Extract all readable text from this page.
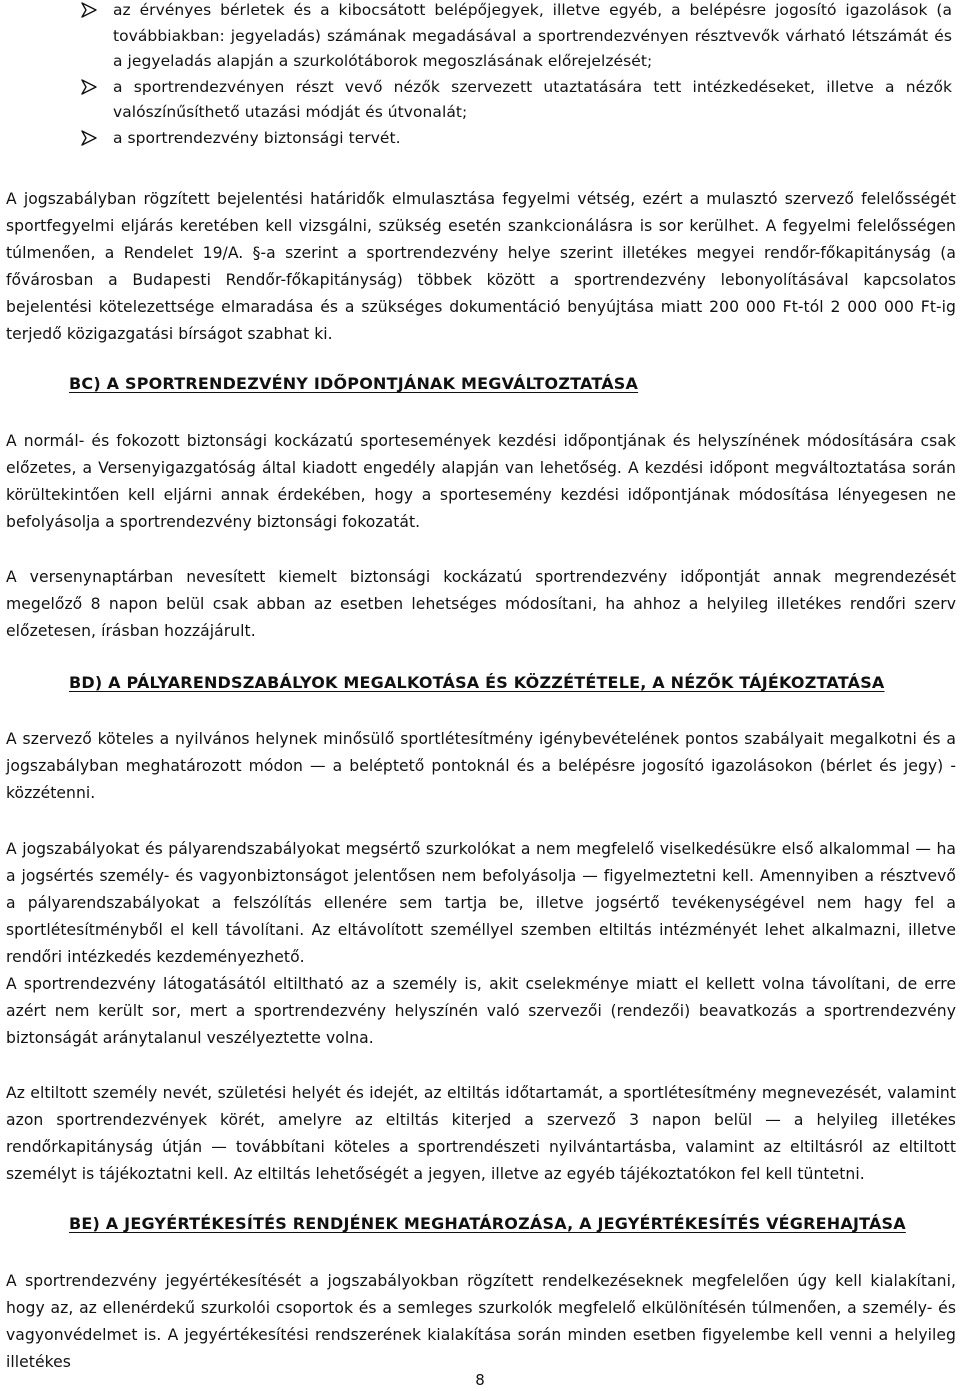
az érvényes bérletek és a kibocsátott belépőjegyek, illetve egyéb, a belépésre jogosító igazolások (a továbbiakban: jegyeladás) számának megadásával a sportrendezvényen résztvevők várható létszámát és a jegyeladás alapján a szurkolótáborok megoszlásának előrejelzését;
a sportrendezvényen részt vevő nézők szervezett utaztatására tett intézkedéseket, illetve a nézők valószínűsíthető utazási módját és útvonalát;
a sportrendezvény biztonsági tervét.

A jogszabályban rögzített bejelentési határidők elmulasztása fegyelmi vétség, ezért a mulasztó szervező felelősségét sportfegyelmi eljárás keretében kell vizsgálni, szükség esetén szankcionálásra is sor kerülhet. A fegyelmi felelősségen túlmenően, a Rendelet 19/A. §-a szerint a sportrendezvény helye szerint illetékes megyei rendőr-főkapitányság (a fővárosban a Budapesti Rendőr-főkapitányság) többek között a sportrendezvény lebonyolításával kapcsolatos bejelentési kötelezettsége elmaradása és a szükséges dokumentáció benyújtása miatt 200 000 Ft-tól 2 000 000 Ft-ig terjedő közigazgatási bírságot szabhat ki.

BC) A SPORTRENDEZVÉNY IDŐPONTJÁNAK MEGVÁLTOZTATÁSA

A normál- és fokozott biztonsági kockázatú sportesemények kezdési időpontjának és helyszínének módosítására csak előzetes, a Versenyigazgatóság által kiadott engedély alapján van lehetőség. A kezdési időpont megváltoztatása során körültekintően kell eljárni annak érdekében, hogy a sportesemény kezdési időpontjának módosítása lényegesen ne befolyásolja a sportrendezvény biztonsági fokozatát.

A versenynaptárban nevesített kiemelt biztonsági kockázatú sportrendezvény időpontját annak megrendezését megelőző 8 napon belül csak abban az esetben lehetséges módosítani, ha ahhoz a helyileg illetékes rendőri szerv előzetesen, írásban hozzájárult.

BD) A PÁLYARENDSZABÁLYOK MEGALKOTÁSA ÉS KÖZZÉTÉTELE, A NÉZŐK TÁJÉKOZTATÁSA

A szervező köteles a nyilvános helynek minősülő sportlétesítmény igénybevételének pontos szabályait megalkotni és a jogszabályban meghatározott módon — a beléptető pontoknál és a belépésre jogosító igazolásokon (bérlet és jegy) - közzétenni.

A jogszabályokat és pályarendszabályokat megsértő szurkolókat a nem megfelelő viselkedésükre első alkalommal — ha a jogsértés személy- és vagyonbiztonságot jelentősen nem befolyásolja — figyelmeztetni kell. Amennyiben a résztvevő a pályarendszabályokat a felszólítás ellenére sem tartja be, illetve jogsértő tevékenységével nem hagy fel a sportlétesítményből el kell távolítani. Az eltávolított személlyel szemben eltiltás intézményét lehet alkalmazni, illetve rendőri intézkedés kezdeményezhető.

A sportrendezvény látogatásától eltiltható az a személy is, akit cselekménye miatt el kellett volna távolítani, de erre azért nem került sor, mert a sportrendezvény helyszínén való szervezői (rendezői) beavatkozás a sportrendezvény biztonságát aránytalanul veszélyeztette volna.

Az eltiltott személy nevét, születési helyét és idejét, az eltiltás időtartamát, a sportlétesítmény megnevezését, valamint azon sportrendezvények körét, amelyre az eltiltás kiterjed a szervező 3 napon belül — a helyileg illetékes rendőrkapitányság útján — továbbítani köteles a sportrendészeti nyilvántartásba, valamint az eltiltásról az eltiltott személyt is tájékoztatni kell. Az eltiltás lehetőségét a jegyen, illetve az egyéb tájékoztatókon fel kell tüntetni.

BE) A JEGYÉRTÉKESÍTÉS RENDJÉNEK MEGHATÁROZÁSA, A JEGYÉRTÉKESÍTÉS VÉGREHAJTÁSA

A sportrendezvény jegyértékesítését a jogszabályokban rögzített rendelkezéseknek megfelelően úgy kell kialakítani, hogy az, az ellenérdekű szurkolói csoportok és a semleges szurkolók megfelelő elkülönítésén túlmenően, a személy- és vagyonvédelmet is. A jegyértékesítési rendszerének kialakítása során minden esetben figyelembe kell venni a helyileg illetékes

8
